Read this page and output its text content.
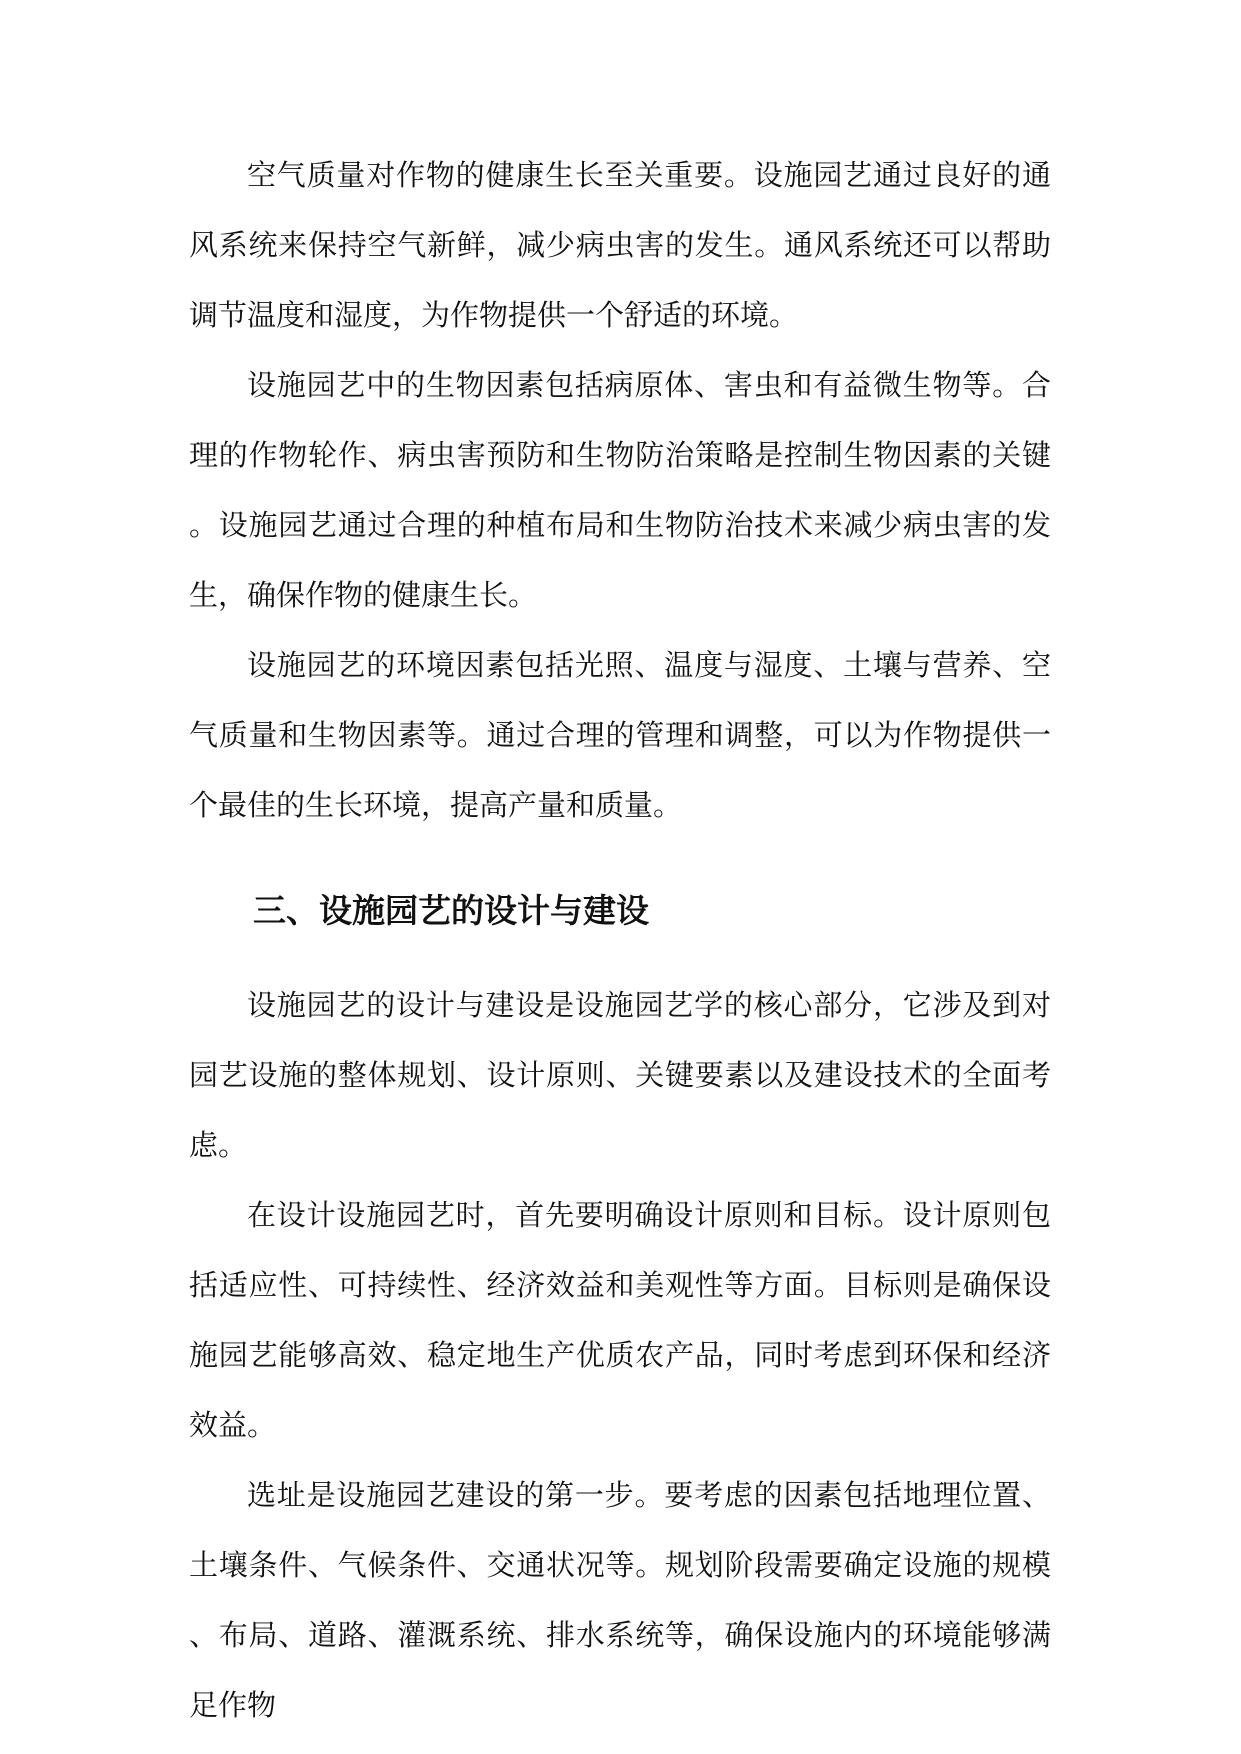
空气质量对作物的健康生长至关重要。设施园艺通过良好的通风系统来保持空气新鲜，减少病虫害的发生。通风系统还可以帮助调节温度和湿度，为作物提供一个舒适的环境。

设施园艺中的生物因素包括病原体、害虫和有益微生物等。合理的作物轮作、病虫害预防和生物防治策略是控制生物因素的关键。设施园艺通过合理的种植布局和生物防治技术来减少病虫害的发生，确保作物的健康生长。

设施园艺的环境因素包括光照、温度与湿度、土壤与营养、空气质量和生物因素等。通过合理的管理和调整，可以为作物提供一个最佳的生长环境，提高产量和质量。

三、设施园艺的设计与建设

设施园艺的设计与建设是设施园艺学的核心部分，它涉及到对园艺设施的整体规划、设计原则、关键要素以及建设技术的全面考虑。

在设计设施园艺时，首先要明确设计原则和目标。设计原则包括适应性、可持续性、经济效益和美观性等方面。目标则是确保设施园艺能够高效、稳定地生产优质农产品，同时考虑到环保和经济效益。

选址是设施园艺建设的第一步。要考虑的因素包括地理位置、土壤条件、气候条件、交通状况等。规划阶段需要确定设施的规模、布局、道路、灌溉系统、排水系统等，确保设施内的环境能够满足作物
